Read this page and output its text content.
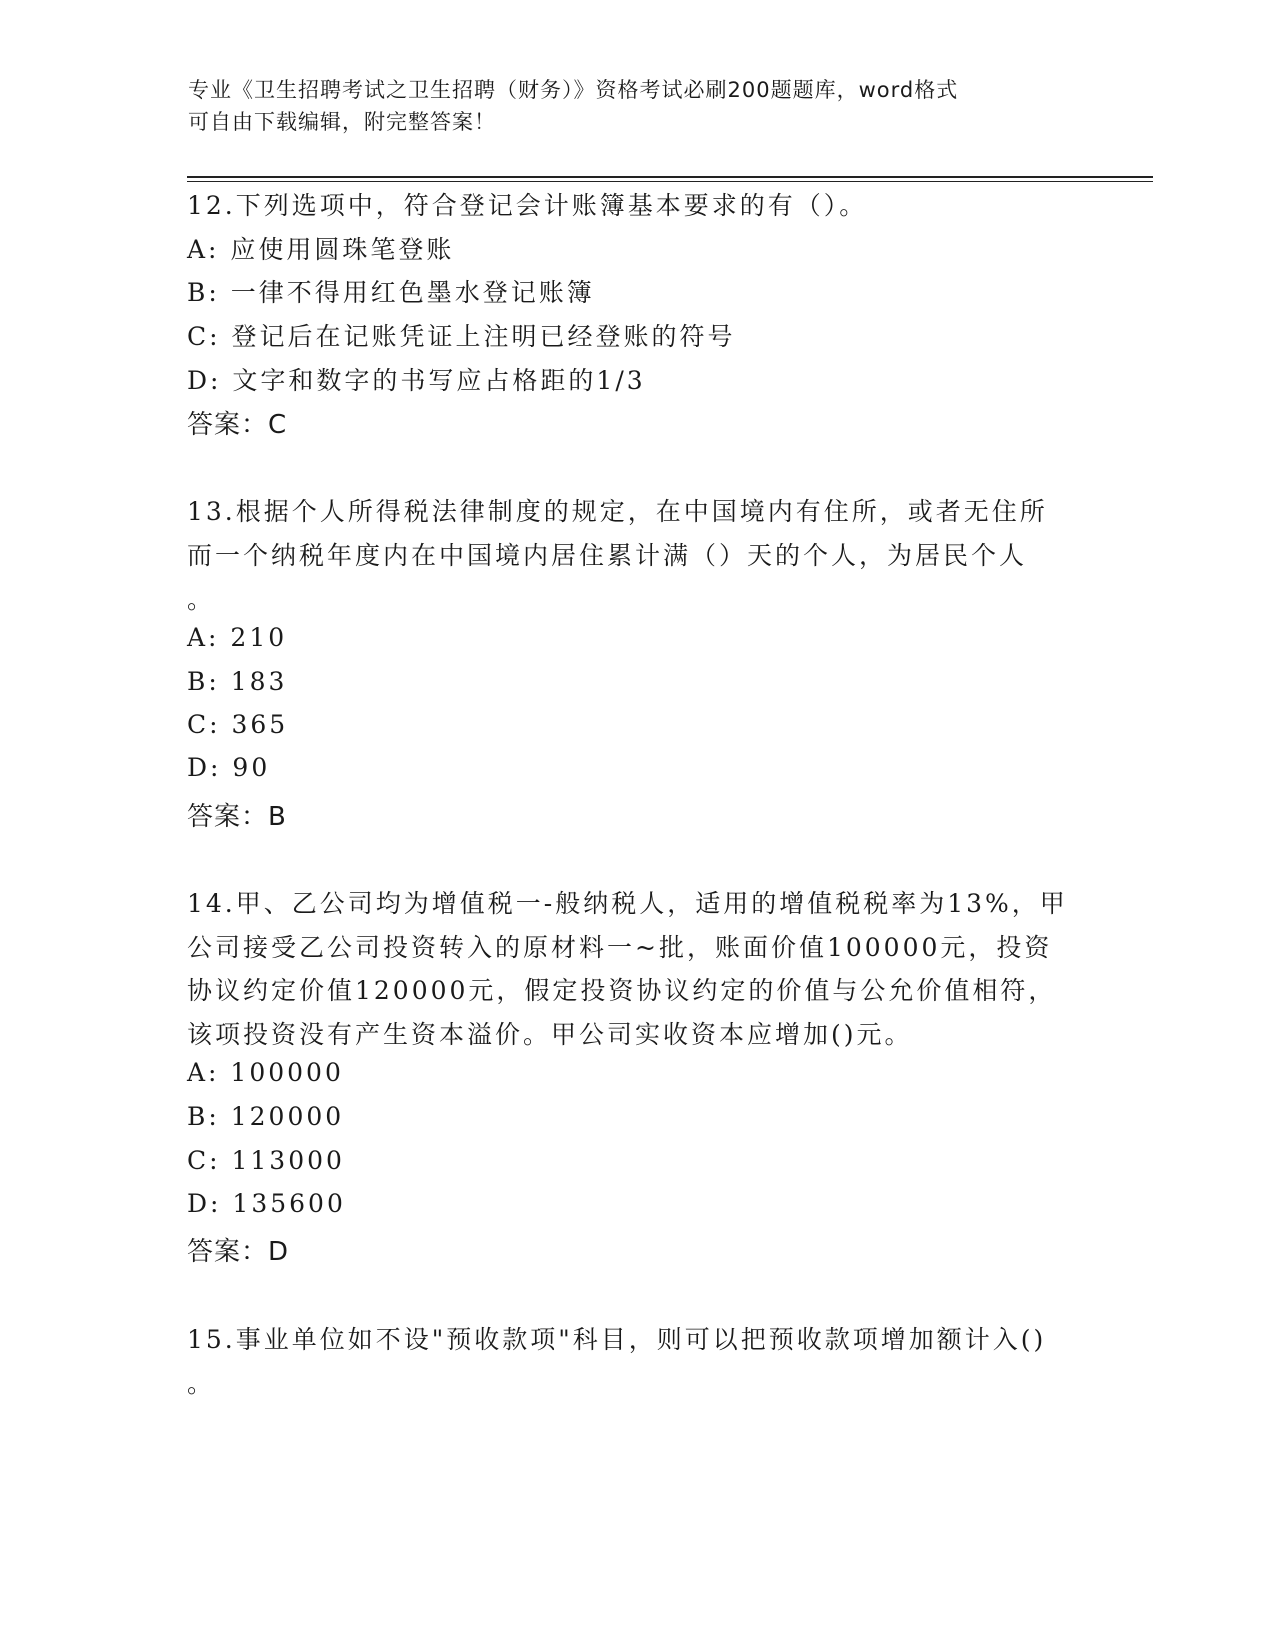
专业《卫生招聘考试之卫生招聘（财务）》资格考试必刷200题题库，word格式
可自由下载编辑，附完整答案！
12.下列选项中，符合登记会计账簿基本要求的有（）。
A: 应使用圆珠笔登账
B: 一律不得用红色墨水登记账簿
C: 登记后在记账凭证上注明已经登账的符号
D: 文字和数字的书写应占格距的1/3
答案：C
13.根据个人所得税法律制度的规定，在中国境内有住所，或者无住所
而一个纳税年度内在中国境内居住累计满（）天的个人，为居民个人
。
A: 210
B: 183
C: 365
D: 90
答案：B
14.甲、乙公司均为增值税一-般纳税人，适用的增值税税率为13%，甲
公司接受乙公司投资转入的原材料一~批，账面价值100000元，投资
协议约定价值120000元，假定投资协议约定的价值与公允价值相符，
该项投资没有产生资本溢价。甲公司实收资本应增加()元。
A: 100000
B: 120000
C: 113000
D: 135600
答案：D
15.事业单位如不设"预收款项"科目，则可以把预收款项增加额计入()
。
